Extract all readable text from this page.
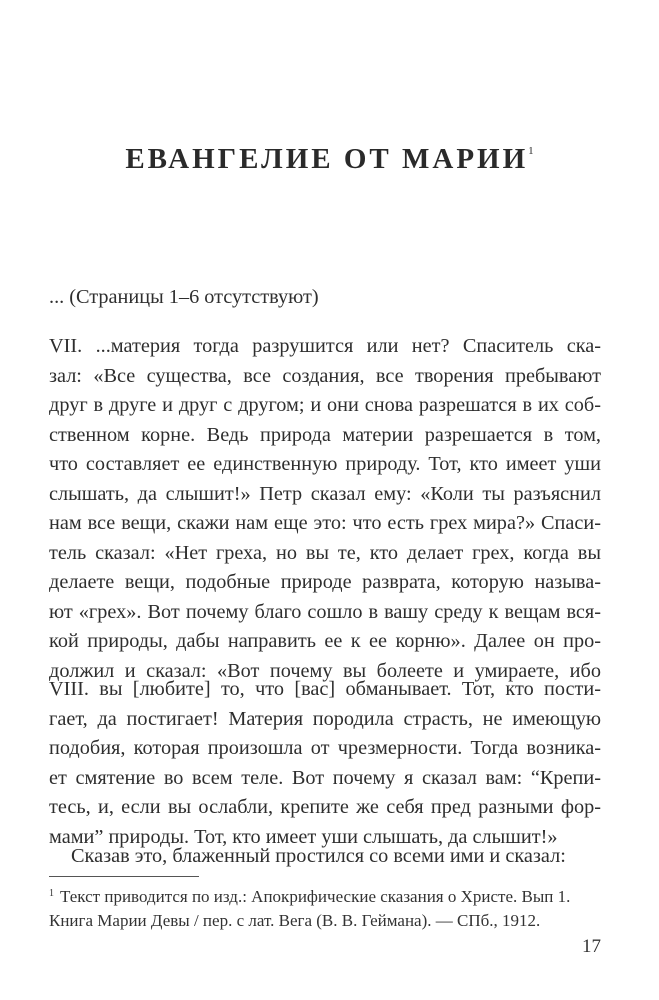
ЕВАНГЕЛИЕ ОТ МАРИИ$^1$
... (Страницы 1–6 отсутствуют)
VII. ...материя тогда разрушится или нет? Спаситель ска-
зал: «Все существа, все создания, все творения пребывают
друг в друге и друг с другом; и они снова разрешатся в их соб-
ственном корне. Ведь природа материи разрешается в том,
что составляет ее единственную природу. Тот, кто имеет уши
слышать, да слышит!» Петр сказал ему: «Коли ты разъяснил
нам все вещи, скажи нам еще это: что есть грех мира?» Спаси-
тель сказал: «Нет греха, но вы те, кто делает грех, когда вы
делаете вещи, подобные природе разврата, которую называ-
ют «грех». Вот почему благо сошло в вашу среду к вещам вся-
кой природы, дабы направить ее к ее корню». Далее он про-
должил и сказал: «Вот почему вы болеете и умираете, ибо
VIII. вы [любите] то, что [вас] обманывает. Тот, кто пости-
гает, да постигает! Материя породила страсть, не имеющую
подобия, которая произошла от чрезмерности. Тогда возника-
ет смятение во всем теле. Вот почему я сказал вам: “Крепи-
тесь, и, если вы ослабли, крепите же себя пред разными фор-
мами” природы. Тот, кто имеет уши слышать, да слышит!»
Сказав это, блаженный простился со всеми ими и сказал:
$^1$ Текст приводится по изд.: Апокрифические сказания о Христе. Вып 1.
Книга Марии Девы / пер. с лат. Вега (В. В. Геймана). — СПб., 1912.
17
